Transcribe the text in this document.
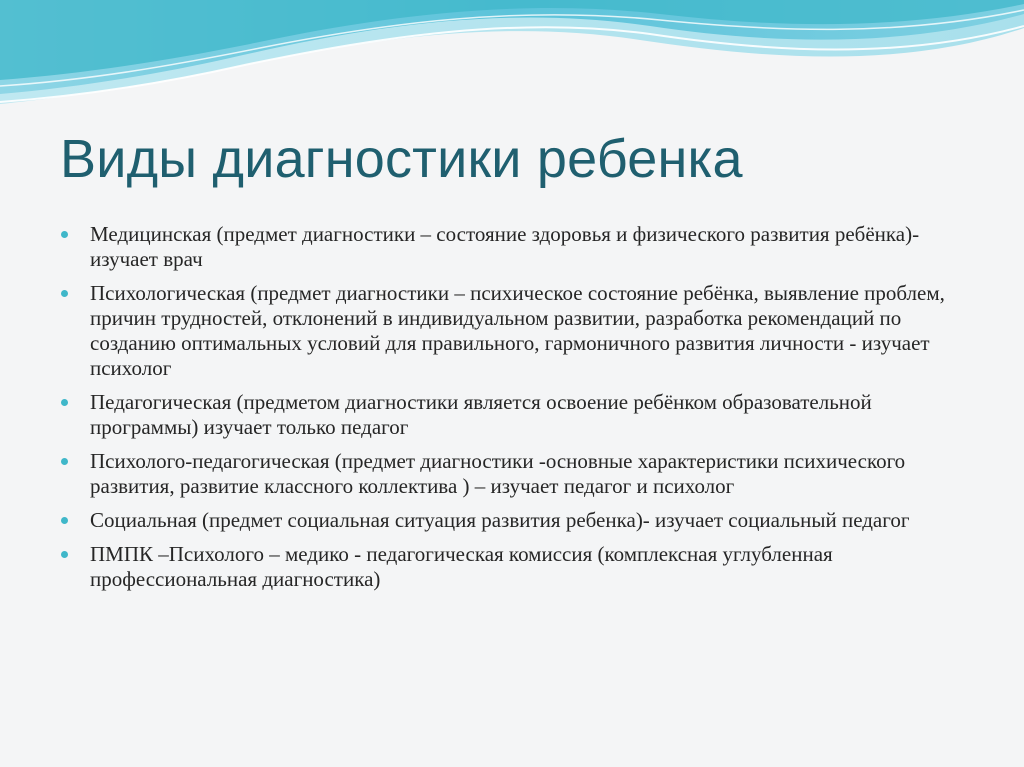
Виды диагностики ребенка
Медицинская (предмет диагностики – состояние здоровья и физического развития ребёнка)- изучает врач
Психологическая (предмет диагностики – психическое состояние ребёнка, выявление проблем, причин трудностей, отклонений в индивидуальном развитии, разработка рекомендаций по созданию оптимальных условий для правильного, гармоничного развития личности - изучает психолог
Педагогическая (предметом диагностики является освоение ребёнком образовательной программы) изучает только педагог
Психолого-педагогическая (предмет диагностики -основные характеристики психического развития, развитие классного коллектива ) – изучает педагог и психолог
Социальная (предмет социальная ситуация развития ребенка)- изучает социальный педагог
ПМПК –Психолого – медико - педагогическая комиссия (комплексная углубленная профессиональная диагностика)
